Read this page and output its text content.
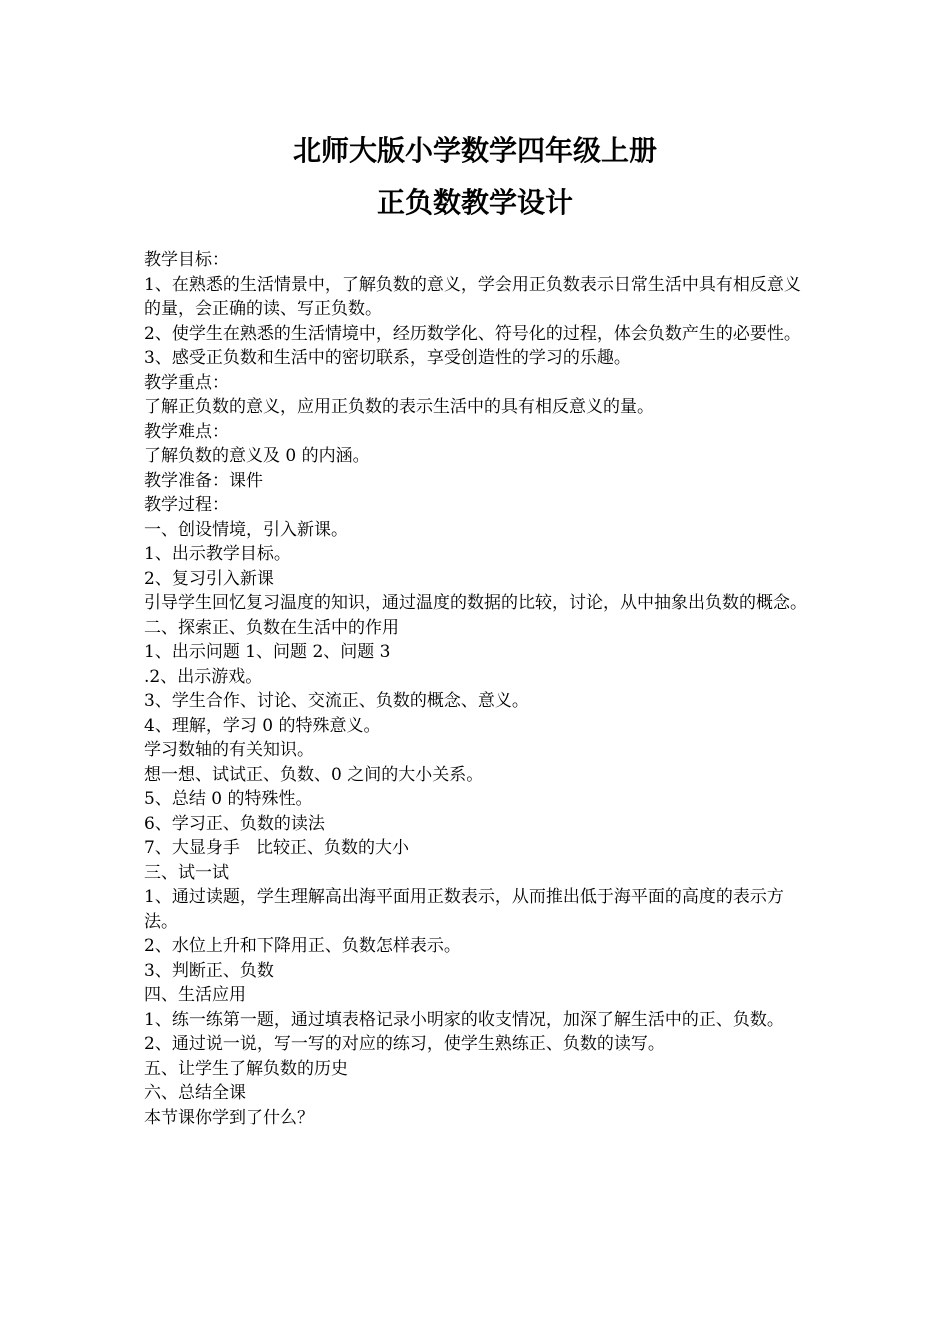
北师大版小学数学四年级上册

正负数教学设计

教学目标：

1、在熟悉的生活情景中，了解负数的意义，学会用正负数表示日常生活中具有相反意义的量，会正确的读、写正负数。

2、使学生在熟悉的生活情境中，经历数学化、符号化的过程，体会负数产生的必要性。

3、感受正负数和生活中的密切联系，享受创造性的学习的乐趣。

教学重点：

了解正负数的意义，应用正负数的表示生活中的具有相反意义的量。

教学难点：

了解负数的意义及 0 的内涵。

教学准备：课件

教学过程：

一、创设情境，引入新课。

1、出示教学目标。

2、复习引入新课

引导学生回忆复习温度的知识，通过温度的数据的比较，讨论，从中抽象出负数的概念。

二、探索正、负数在生活中的作用

1、出示问题 1、问题 2、问题 3

.2、出示游戏。

3、学生合作、讨论、交流正、负数的概念、意义。

4、理解，学习 0 的特殊意义。

学习数轴的有关知识。

想一想、试试正、负数、0 之间的大小关系。

5、总结 0 的特殊性。

6、学习正、负数的读法

7、大显身手   比较正、负数的大小

三、试一试

1、通过读题，学生理解高出海平面用正数表示，从而推出低于海平面的高度的表示方法。

2、水位上升和下降用正、负数怎样表示。

3、判断正、负数

四、生活应用

1、练一练第一题，通过填表格记录小明家的收支情况，加深了解生活中的正、负数。

2、通过说一说，写一写的对应的练习，使学生熟练正、负数的读写。

五、让学生了解负数的历史

六、总结全课

本节课你学到了什么？
